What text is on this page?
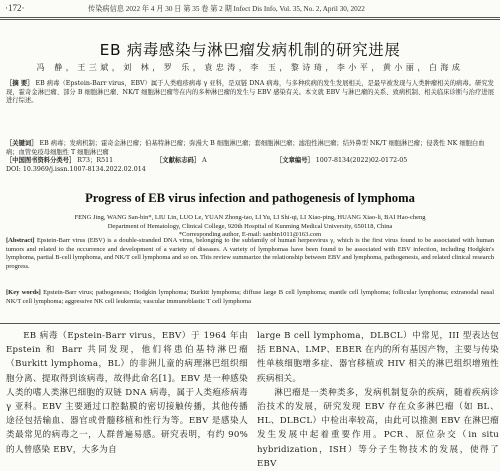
·172·	传染病信息 2022 年 4 月 30 日 第 35 卷 第 2 期 Infect Dis Info, Vol. 35, No. 2, April 30, 2022
EB 病毒感染与淋巴瘤发病机制的研究进展
冯 静，王三斌，刘 林，罗 乐，袁忠涛，李 玉，黎诗琦，李小平，黄小丽，白海成
［摘 要］ EB 病毒（Epstein-Barr virus，EBV）属于人类疱疹病毒 γ 亚科，是双链 DNA 病毒，与多种疾病的发生发展相关，是最早被发现与人类肿瘤相关的病毒。研究发现，霍奇金淋巴瘤、部分 B 细胞淋巴瘤、NK/T 细胞淋巴瘤等在内的多种淋巴瘤的发生与 EBV 感染有关。本文就 EBV 与淋巴瘤的关系、致病机制、相关临床诊断与治疗进展进行综述。
［关键词］ EB 病毒；发病机制；霍奇金淋巴瘤；伯基特淋巴瘤；弥漫大 B 细胞淋巴瘤；套细胞淋巴瘤；滤泡性淋巴瘤；结外鼻型 NK/T 细胞淋巴瘤；侵袭性 NK 细胞白血病；血管免疫母细胞性 T 细胞淋巴瘤
［中国图书资料分类号］ R73；R511	［文献标志码］ A	［文章编号］ 1007-8134(2022)02-0172-05
DOI: 10.3969/j.issn.1007-8134.2022.02.014
Progress of EB virus infection and pathogenesis of lymphoma
FENG Jing, WANG San-bin*, LIU Lin, LUO Le, YUAN Zhong-tao, LI Yu, LI Shi-qi, LI Xiao-ping, HUANG Xiao-li, BAI Hao-cheng
Department of Hematology, Clinical College, 920th Hospital of Kunming Medical University, 650118, China
*Corresponding author, E-mail: sanbin1011@163.com
[Abstract] Epstein-Barr virus (EBV) is a double-stranded DNA virus, belonging to the subfamily of human herpesvirus γ, which is the first virus found to be associated with human tumors and related to the occurrence and development of a variety of diseases. A variety of lymphomas have been found to be associated with EBV infection, including Hodgkin's lymphoma, partial B-cell lymphoma, and NK/T cell lymphoma and so on. This review summarize the relationship between EBV and lymphoma, pathogenesis, and related clinical research progress.
[Key words] Epstein-Barr virus; pathogenesis; Hodgkin lymphoma; Burkitt lymphoma; diffuse large B cell lymphoma; mantle cell lymphoma; follicular lymphoma; extranodal nasal NK/T cell lymphoma; aggressive NK cell leukemia; vascular immunoblastic T cell lymphoma
EB 病毒（Epstein-Barr virus，EBV）于 1964 年由 Epstein 和 Barr 共同发现，他们将患伯基特淋巴瘤（Burkitt lymphoma，BL）的非洲儿童的病理淋巴组织细胞分离、提取得到该病毒，故得此命名[1]。EBV 是一种感染人类的嗜人类淋巴细胞的双链 DNA 病毒，属于人类疱疹病毒 γ 亚科。EBV 主要通过口腔黏膜的密切接触传播，其他传播途径包括输血、器官或骨髓移植和性行为等。EBV 是感染人类最常见的病毒之一，人群普遍易感。研究表明，有约 90% 的人曾感染 EBV，大多为自

large B cell lymphoma，DLBCL）中常见，III 型表达包括 EBNA、LMP、EBER 在内的所有基因产物，主要与传染性单核细胞增多症、器官移植或 HIV 相关的淋巴组织增殖性疾病相关。

淋巴瘤是一类种类多，发病机制复杂的疾病，随着疾病诊治技术的发展，研究发现 EBV 存在众多淋巴瘤（如 BL、HL、DLBCL）中检出率较高，由此可以推测 EBV 在淋巴瘤发生发展中起着重要作用。PCR、原位杂交（in situ hybridization，ISH）等分子生物技术的发展，使得了 EBV
